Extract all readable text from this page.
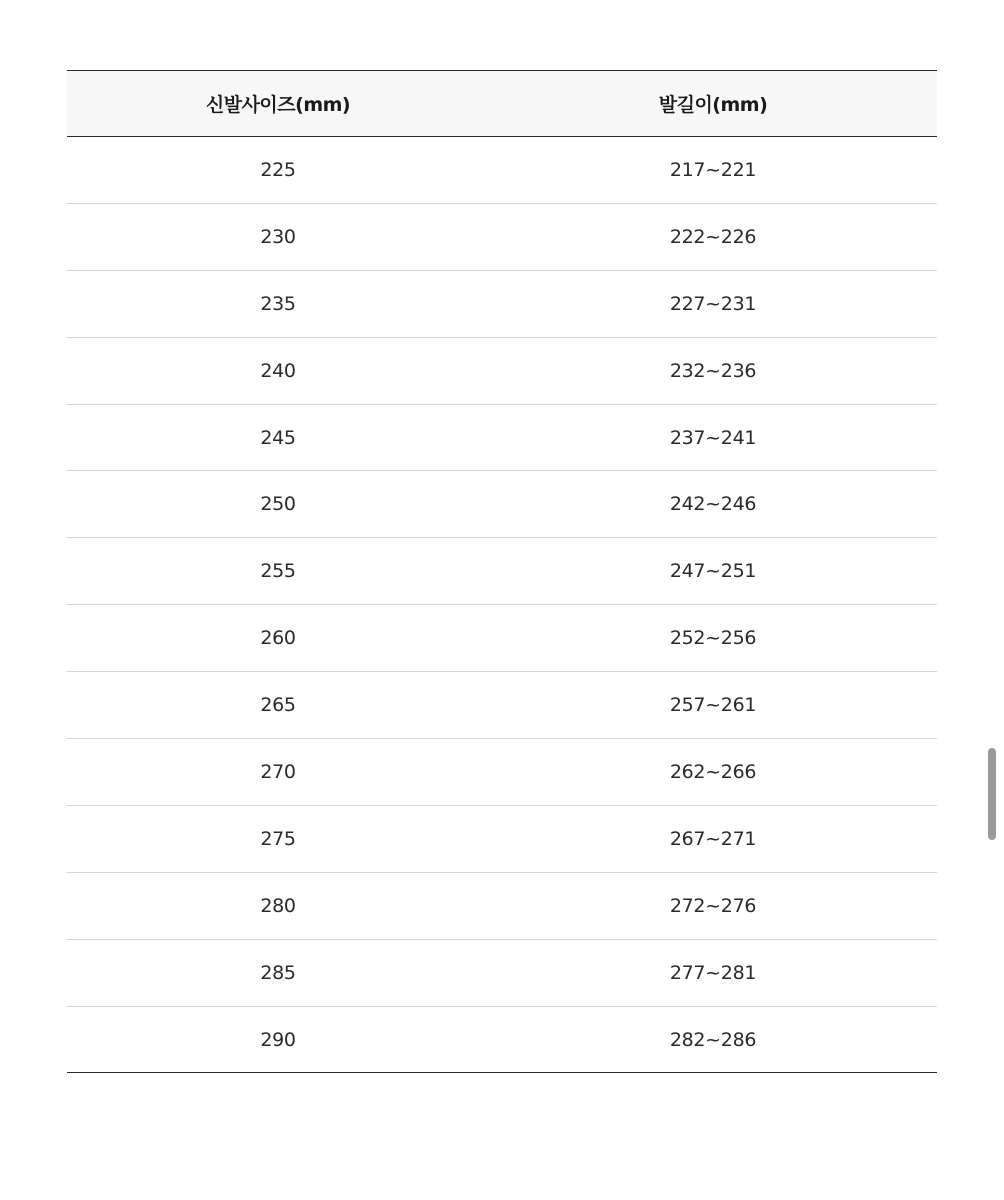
신발사이즈(mm)	발길이(mm)
225	217~221
230	222~226
235	227~231
240	232~236
245	237~241
250	242~246
255	247~251
260	252~256
265	257~261
270	262~266
275	267~271
280	272~276
285	277~281
290	282~286
